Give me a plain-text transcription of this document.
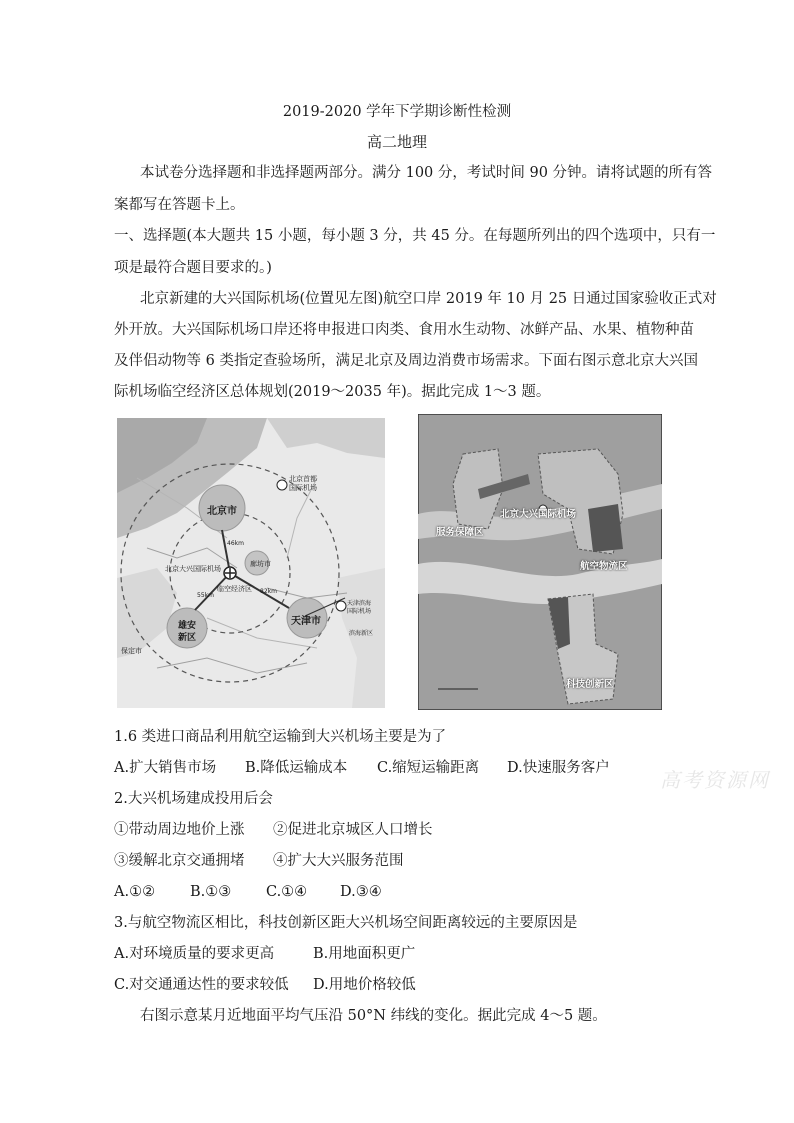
2019-2020 学年下学期诊断性检测
高二地理
本试卷分选择题和非选择题两部分。满分 100 分，考试时间 90 分钟。请将试题的所有答
案都写在答题卡上。
一、选择题(本大题共 15 小题，每小题 3 分，共 45 分。在每题所列出的四个选项中，只有一
项是最符合题目要求的。)
北京新建的大兴国际机场(位置见左图)航空口岸 2019 年 10 月 25 日通过国家验收正式对
外开放。大兴国际机场口岸还将申报进口肉类、食用水生动物、冰鲜产品、水果、植物种苗
及伴侣动物等 6 类指定查验场所，满足北京及周边消费市场需求。下面右图示意北京大兴国
际机场临空经济区总体规划(2019～2035 年)。据此完成 1～3 题。
北京市
北京首都
国际机场
北京大兴国际机场
廊坊市
临空经济区
雄安
新区
天津市
天津滨海
国际机场
滨海新区
保定市
46km
55km
82km
服务保障区
北京大兴国际机场
航空物流区
科技创新区
1.6 类进口商品利用航空运输到大兴机场主要是为了
A.扩大销售市场 B.降低运输成本 C.缩短运输距离 D.快速服务客户	高考资源网
2.大兴机场建成投用后会
①带动周边地价上涨 ②促进北京城区人口增长
③缓解北京交通拥堵 ④扩大大兴服务范围
A.①② B.①③ C.①④ D.③④
3.与航空物流区相比，科技创新区距大兴机场空间距离较远的主要原因是
A.对环境质量的要求更高	B.用地面积更广
C.对交通通达性的要求较低 D.用地价格较低
右图示意某月近地面平均气压沿 50°N 纬线的变化。据此完成 4～5 题。
